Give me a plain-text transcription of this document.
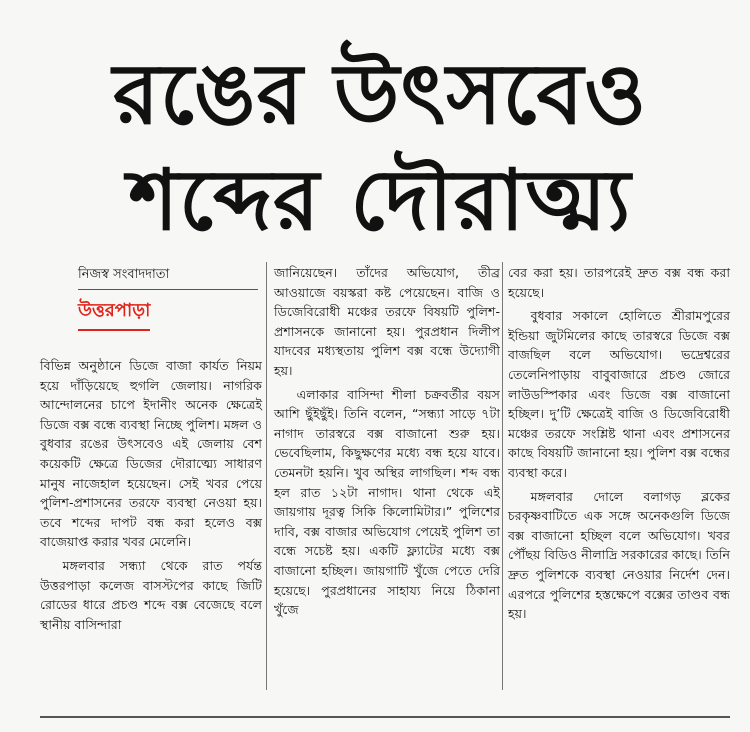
রঙের উৎসবেও
শব্দের দৌরাত্ম্য
নিজস্ব সংবাদদাতা
উত্তরপাড়া

বিভিন্ন অনুষ্ঠানে ডিজে বাজা কার্যত নিয়ম হয়ে দাঁড়িয়েছে হুগলি জেলায়। নাগরিক আন্দোলনের চাপে ইদানীং অনেক ক্ষেত্রেই ডিজে বক্স বন্ধে ব্যবস্থা নিচ্ছে পুলিশ। মঙ্গল ও বুধবার রঙের উৎসবেও এই জেলায় বেশ কয়েকটি ক্ষেত্রে ডিজের দৌরাত্ম্যে সাধারণ মানুষ নাজেহাল হয়েছেন। সেই খবর পেয়ে পুলিশ-প্রশাসনের তরফে ব্যবস্থা নেওয়া হয়। তবে শব্দের দাপট বন্ধ করা হলেও বক্স বাজেয়াপ্ত করার খবর মেলেনি।

মঙ্গলবার সন্ধ্যা থেকে রাত পর্যন্ত উত্তরপাড়া কলেজ বাসস্টপের কাছে জিটি রোডের ধারে প্রচণ্ড শব্দে বক্স বেজেছে বলে স্থানীয় বাসিন্দারা

জানিয়েছেন। তাঁদের অভিযোগ, তীব্র আওয়াজে বয়স্করা কষ্ট পেয়েছেন। বাজি ও ডিজেবিরোধী মঞ্চের তরফে বিষয়টি পুলিশ-প্রশাসনকে জানানো হয়। পুরপ্রধান দিলীপ যাদবের মধ্যস্থতায় পুলিশ বক্স বন্ধে উদ্যোগী হয়।

এলাকার বাসিন্দা শীলা চক্রবর্তীর বয়স আশি ছুঁইছুঁই। তিনি বলেন, “সন্ধ্যা সাড়ে ৭টা নাগাদ তারস্বরে বক্স বাজানো শুরু হয়। ভেবেছিলাম, কিছুক্ষণের মধ্যে বন্ধ হয়ে যাবে। তেমনটা হয়নি। খুব অস্থির লাগছিল। শব্দ বন্ধ হল রাত ১২টা নাগাদ। থানা থেকে এই জায়গায় দূরত্ব সিকি কিলোমিটার।” পুলিশের দাবি, বক্স বাজার অভিযোগ পেয়েই পুলিশ তা বন্ধে সচেষ্ট হয়। একটি ফ্ল্যাটের মধ্যে বক্স বাজানো হচ্ছিল। জায়গাটি খুঁজে পেতে দেরি হয়েছে। পুরপ্রধানের সাহায্য নিয়ে ঠিকানা খুঁজে

বের করা হয়। তারপরেই দ্রুত বক্স বন্ধ করা হয়েছে।

বুধবার সকালে হোলিতে শ্রীরামপুরের ইন্ডিয়া জুটমিলের কাছে তারস্বরে ডিজে বক্স বাজছিল বলে অভিযোগ। ভদ্রেশ্বরের তেলেনিপাড়ায় বাবুবাজারে প্রচণ্ড জোরে লাউডস্পিকার এবং ডিজে বক্স বাজানো হচ্ছিল। দু’টি ক্ষেত্রেই বাজি ও ডিজেবিরোধী মঞ্চের তরফে সংশ্লিষ্ট থানা এবং প্রশাসনের কাছে বিষয়টি জানানো হয়। পুলিশ বক্স বন্ধের ব্যবস্থা করে।

মঙ্গলবার দোলে বলাগড় ব্লকের চরকৃষ্ণবাটিতে এক সঙ্গে অনেকগুলি ডিজে বক্স বাজানো হচ্ছিল বলে অভিযোগ। খবর পৌঁছয় বিডিও নীলাদ্রি সরকারের কাছে। তিনি দ্রুত পুলিশকে ব্যবস্থা নেওয়ার নির্দেশ দেন। এরপরে পুলিশের হস্তক্ষেপে বক্সের তাণ্ডব বন্ধ হয়।
